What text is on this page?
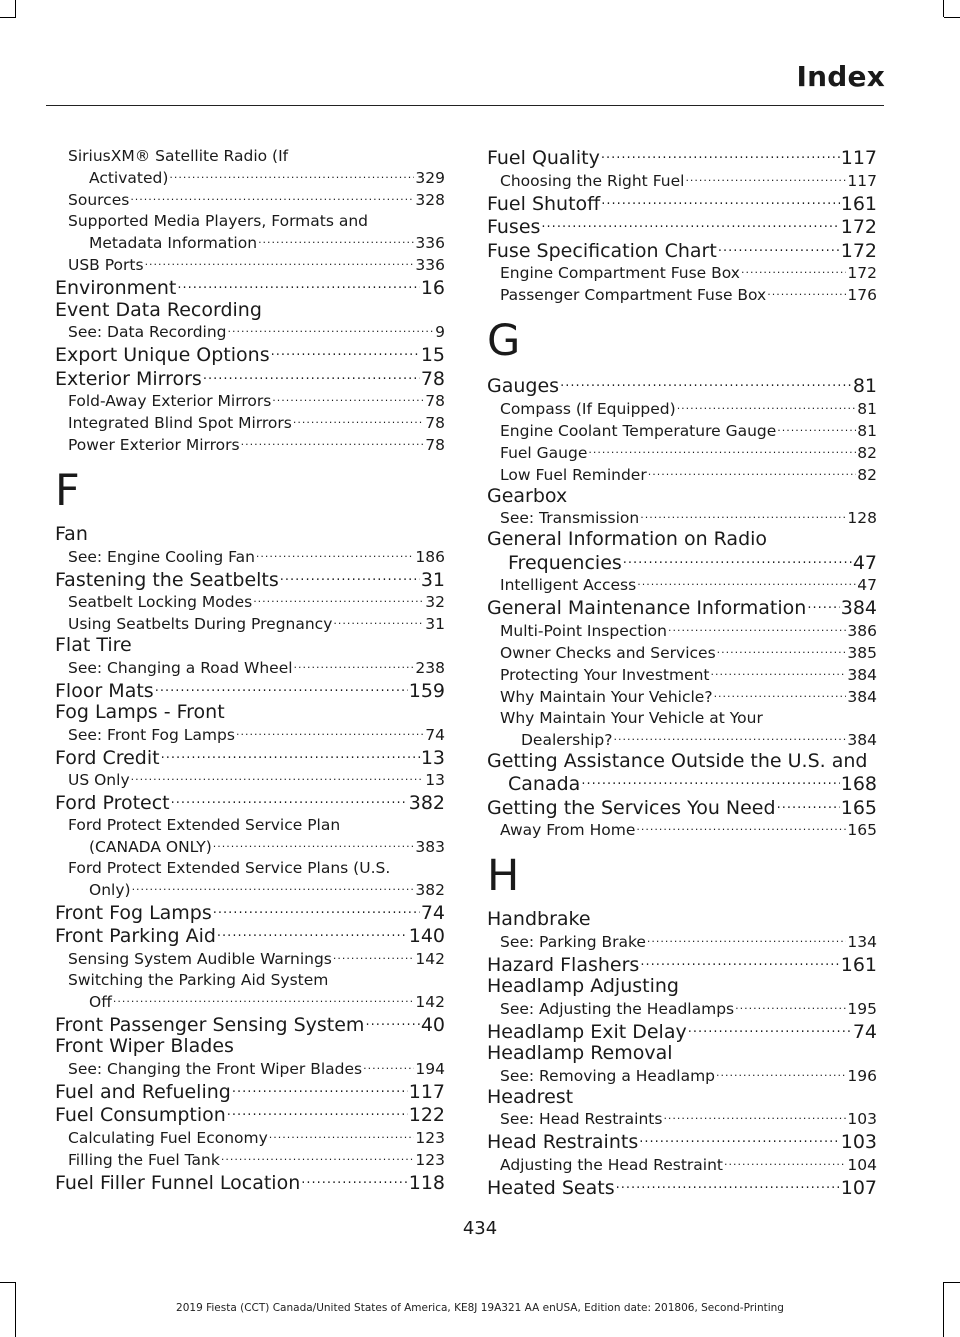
Index
SiriusXM® Satellite Radio (If
Activated) .....	329
Sources .....	328
Supported Media Players, Formats and
Metadata Information .....	336
USB Ports .....	336
Environment .....	16
Event Data Recording
See: Data Recording .....	9
Export Unique Options .....	15
Exterior Mirrors .....	78
Fold-Away Exterior Mirrors .....	78
Integrated Blind Spot Mirrors .....	78
Power Exterior Mirrors .....	78
F
Fan
See: Engine Cooling Fan .....	186
Fastening the Seatbelts .....	31
Seatbelt Locking Modes .....	32
Using Seatbelts During Pregnancy .....	31
Flat Tire
See: Changing a Road Wheel .....	238
Floor Mats .....	159
Fog Lamps - Front
See: Front Fog Lamps .....	74
Ford Credit .....	13
US Only .....	13
Ford Protect .....	382
Ford Protect Extended Service Plan
(CANADA ONLY) .....	383
Ford Protect Extended Service Plans (U.S.
Only) .....	382
Front Fog Lamps .....	74
Front Parking Aid .....	140
Sensing System Audible Warnings .....	142
Switching the Parking Aid System
Off .....	142
Front Passenger Sensing System .....	40
Front Wiper Blades
See: Changing the Front Wiper Blades .....	194
Fuel and Refueling .....	117
Fuel Consumption .....	122
Calculating Fuel Economy .....	123
Filling the Fuel Tank .....	123
Fuel Filler Funnel Location .....	118
Fuel Quality .....	117
Choosing the Right Fuel .....	117
Fuel Shutoff .....	161
Fuses .....	172
Fuse Specification Chart .....	172
Engine Compartment Fuse Box .....	172
Passenger Compartment Fuse Box .....	176
G
Gauges .....	81
Compass (If Equipped) .....	81
Engine Coolant Temperature Gauge .....	81
Fuel Gauge .....	82
Low Fuel Reminder .....	82
Gearbox
See: Transmission .....	128
General Information on Radio
Frequencies .....	47
Intelligent Access .....	47
General Maintenance Information ..... 384
Multi-Point Inspection .....	386
Owner Checks and Services .....	385
Protecting Your Investment .....	384
Why Maintain Your Vehicle? .....	384
Why Maintain Your Vehicle at Your
Dealership? .....	384
Getting Assistance Outside the U.S. and
Canada .....	168
Getting the Services You Need .....	165
Away From Home .....	165
H
Handbrake
See: Parking Brake .....	134
Hazard Flashers .....	161
Headlamp Adjusting
See: Adjusting the Headlamps .....	195
Headlamp Exit Delay .....	74
Headlamp Removal
See: Removing a Headlamp .....	196
Headrest
See: Head Restraints .....	103
Head Restraints .....	103
Adjusting the Head Restraint .....	104
Heated Seats .....	107
434
2019 Fiesta (CCT) Canada/United States of America, KE8J 19A321 AA enUSA, Edition date: 201806, Second-Printing
